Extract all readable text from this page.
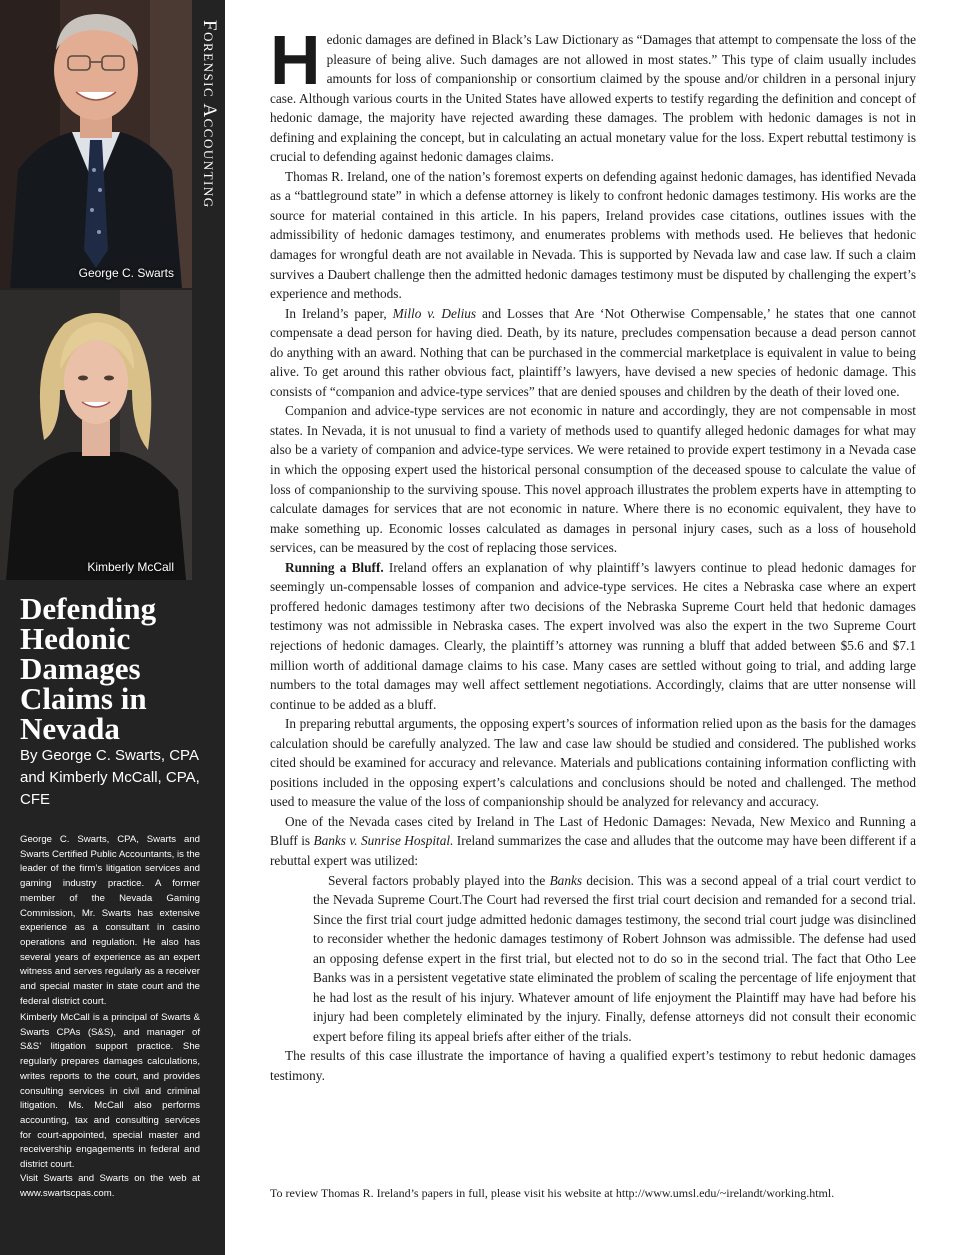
George C. Swarts
Forensic Accounting
Kimberly McCall
Defending Hedonic Damages Claims in Nevada

By George C. Swarts, CPA and Kimberly McCall, CPA, CFE

George C. Swarts, CPA, Swarts and Swarts Certified Public Accountants, is the leader of the firm’s litigation services and gaming industry practice. A former member of the Nevada Gaming Commission, Mr. Swarts has extensive experience as a consultant in casino operations and regulation. He also has several years of experience as an expert witness and serves regularly as a receiver and special master in state court and the federal district court.

Kimberly McCall is a principal of Swarts & Swarts CPAs (S&S), and manager of S&S’ litigation support practice. She regularly prepares damages calculations, writes reports to the court, and provides consulting services in civil and criminal litigation. Ms. McCall also performs accounting, tax and consulting services for court-appointed, special master and receivership engagements in federal and district court.

Visit Swarts and Swarts on the web at www.swartscpas.com.

Hedonic damages are defined in Black’s Law Dictionary as “Damages that attempt to compensate the loss of the pleasure of being alive. Such damages are not allowed in most states.” This type of claim usually includes amounts for loss of companionship or consortium claimed by the spouse and/or children in a personal injury case. Although various courts in the United States have allowed experts to testify regarding the definition and concept of hedonic damage, the majority have rejected awarding these damages. The problem with hedonic damages is not in defining and explaining the concept, but in calculating an actual monetary value for the loss. Expert rebuttal testimony is crucial to defending against hedonic damages claims.

Thomas R. Ireland, one of the nation’s foremost experts on defending against hedonic damages, has identified Nevada as a “battleground state” in which a defense attorney is likely to confront hedonic damages testimony. His works are the source for material contained in this article. In his papers, Ireland provides case citations, outlines issues with the admissibility of hedonic damages testimony, and enumerates problems with methods used. He believes that hedonic damages for wrongful death are not available in Nevada. This is supported by Nevada law and case law. If such a claim survives a Daubert challenge then the admitted hedonic damages testimony must be disputed by challenging the expert’s experience and methods.

In Ireland’s paper, Millo v. Delius and Losses that Are ‘Not Otherwise Compensable,’ he states that one cannot compensate a dead person for having died. Death, by its nature, precludes compensation because a dead person cannot do anything with an award. Nothing that can be purchased in the commercial marketplace is equivalent in value to being alive. To get around this rather obvious fact, plaintiff’s lawyers, have devised a new species of hedonic damage. This consists of “companion and advice-type services” that are denied spouses and children by the death of their loved one.

Companion and advice-type services are not economic in nature and accordingly, they are not compensable in most states. In Nevada, it is not unusual to find a variety of methods used to quantify alleged hedonic damages for what may also be a variety of companion and advice-type services. We were retained to provide expert testimony in a Nevada case in which the opposing expert used the historical personal consumption of the deceased spouse to calculate the value of loss of companionship to the surviving spouse. This novel approach illustrates the problem experts have in attempting to calculate damages for services that are not economic in nature. Where there is no economic equivalent, they have to make something up. Economic losses calculated as damages in personal injury cases, such as a loss of household services, can be measured by the cost of replacing those services.

Running a Bluff. Ireland offers an explanation of why plaintiff’s lawyers continue to plead hedonic damages for seemingly un-compensable losses of companion and advice-type services. He cites a Nebraska case where an expert proffered hedonic damages testimony after two decisions of the Nebraska Supreme Court held that hedonic damages testimony was not admissible in Nebraska cases. The expert involved was also the expert in the two Supreme Court rejections of hedonic damages. Clearly, the plaintiff’s attorney was running a bluff that added between $5.6 and $7.1 million worth of additional damage claims to his case. Many cases are settled without going to trial, and adding large numbers to the total damages may well affect settlement negotiations. Accordingly, claims that are utter nonsense will continue to be added as a bluff.

In preparing rebuttal arguments, the opposing expert’s sources of information relied upon as the basis for the damages calculation should be carefully analyzed. The law and case law should be studied and considered. The published works cited should be examined for accuracy and relevance. Materials and publications containing information conflicting with positions included in the opposing expert’s calculations and conclusions should be noted and challenged. The method used to measure the value of the loss of companionship should be analyzed for relevancy and accuracy.

One of the Nevada cases cited by Ireland in The Last of Hedonic Damages: Nevada, New Mexico and Running a Bluff is Banks v. Sunrise Hospital. Ireland summarizes the case and alludes that the outcome may have been different if a rebuttal expert was utilized:

Several factors probably played into the Banks decision. This was a second appeal of a trial court verdict to the Nevada Supreme Court.The Court had reversed the first trial court decision and remanded for a second trial. Since the first trial court judge admitted hedonic damages testimony, the second trial court judge was disinclined to reconsider whether the hedonic damages testimony of Robert Johnson was admissible. The defense had used an opposing defense expert in the first trial, but elected not to do so in the second trial. The fact that Otho Lee Banks was in a persistent vegetative state eliminated the problem of scaling the percentage of life enjoyment that he had lost as the result of his injury. Whatever amount of life enjoyment the Plaintiff may have had before his injury had been completely eliminated by the injury. Finally, defense attorneys did not consult their economic expert before filing its appeal briefs after either of the trials.

The results of this case illustrate the importance of having a qualified expert’s testimony to rebut hedonic damages testimony.

To review Thomas R. Ireland’s papers in full, please visit his website at http://www.umsl.edu/~irelandt/working.html.
